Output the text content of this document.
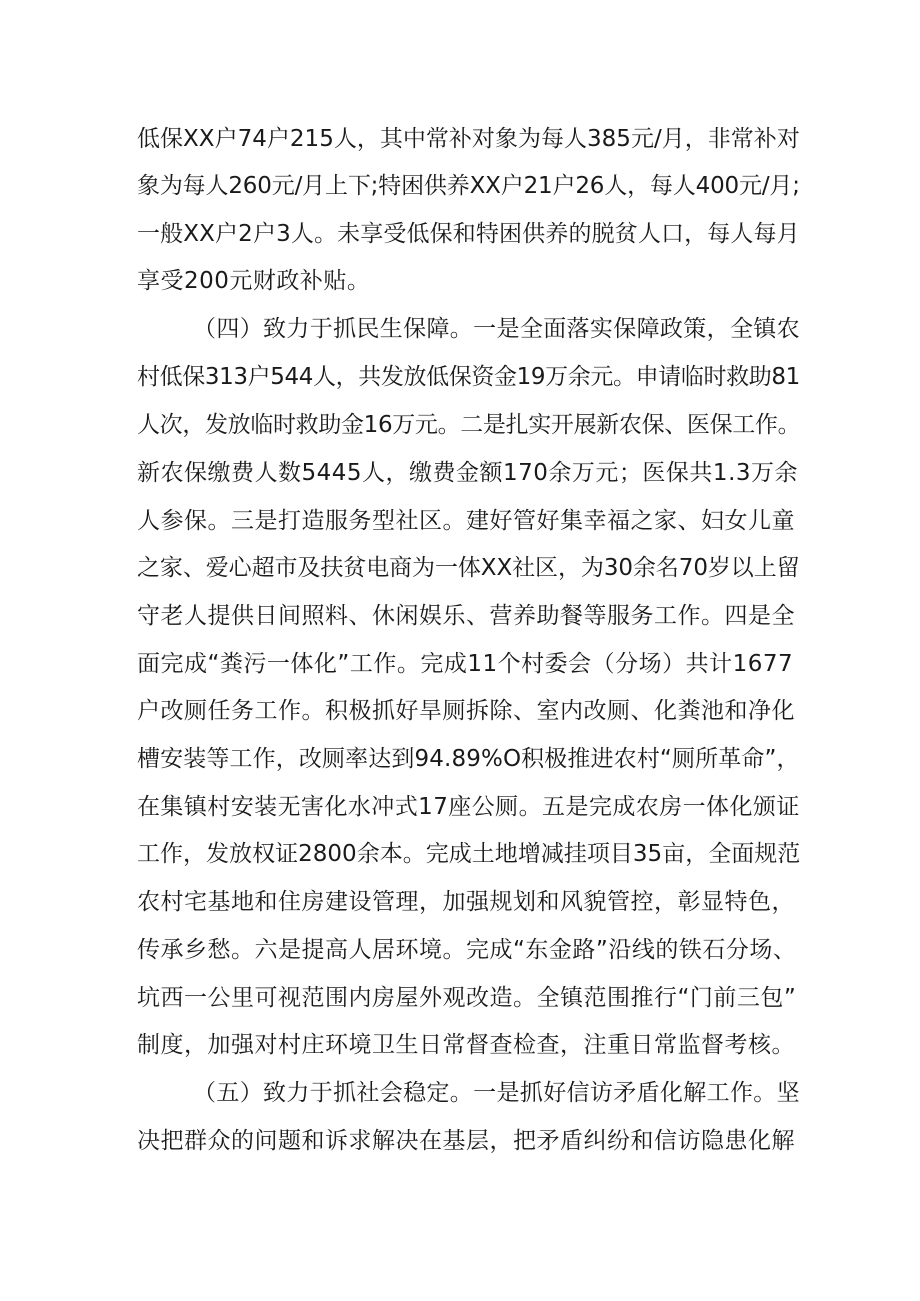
低保XX户74户215人，其中常补对象为每人385元/月，非常补对
象为每人260元/月上下;特困供养XX户21户26人，每人400元/月;
一般XX户2户3人。未享受低保和特困供养的脱贫人口，每人每月
享受200元财政补贴。
（四）致力于抓民生保障。一是全面落实保障政策，全镇农
村低保313户544人，共发放低保资金19万余元。申请临时救助81
人次，发放临时救助金16万元。二是扎实开展新农保、医保工作。
新农保缴费人数5445人，缴费金额170余万元；医保共1.3万余
人参保。三是打造服务型社区。建好管好集幸福之家、妇女儿童
之家、爱心超市及扶贫电商为一体XX社区，为30余名70岁以上留
守老人提供日间照料、休闲娱乐、营养助餐等服务工作。四是全
面完成“粪污一体化”工作。完成11个村委会（分场）共计1677
户改厕任务工作。积极抓好旱厕拆除、室内改厕、化粪池和净化
槽安装等工作，改厕率达到94.89%O积极推进农村“厕所革命”，
在集镇村安装无害化水冲式17座公厕。五是完成农房一体化颁证
工作，发放权证2800余本。完成土地增减挂项目35亩，全面规范
农村宅基地和住房建设管理，加强规划和风貌管控，彰显特色，
传承乡愁。六是提高人居环境。完成“东金路”沿线的铁石分场、
坑西一公里可视范围内房屋外观改造。全镇范围推行“门前三包”
制度，加强对村庄环境卫生日常督查检查，注重日常监督考核。
（五）致力于抓社会稳定。一是抓好信访矛盾化解工作。坚
决把群众的问题和诉求解决在基层，把矛盾纠纷和信访隐患化解
